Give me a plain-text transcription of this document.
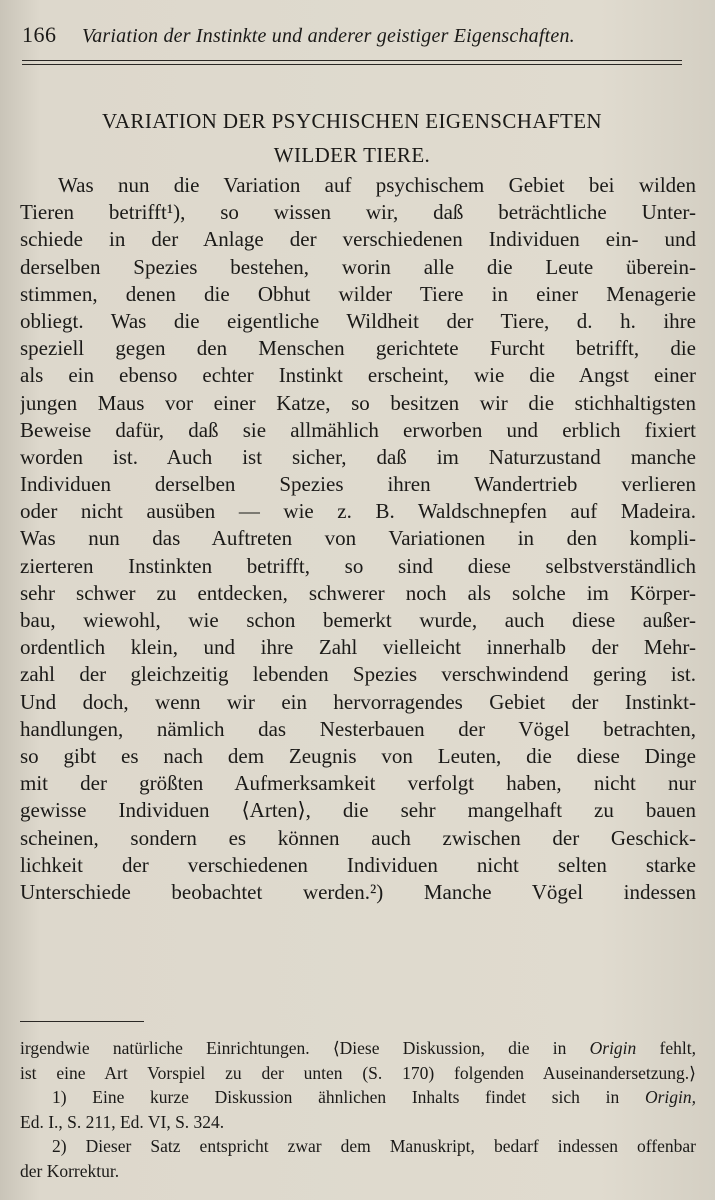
166	Variation der Instinkte und anderer geistiger Eigenschaften.
VARIATION DER PSYCHISCHEN EIGENSCHAFTEN
WILDER TIERE.
Was nun die Variation auf psychischem Gebiet bei wilden
Tieren betrifft¹), so wissen wir, daß beträchtliche Unter-
schiede in der Anlage der verschiedenen Individuen ein- und
derselben Spezies bestehen, worin alle die Leute überein-
stimmen, denen die Obhut wilder Tiere in einer Menagerie
obliegt. Was die eigentliche Wildheit der Tiere, d. h. ihre
speziell gegen den Menschen gerichtete Furcht betrifft, die
als ein ebenso echter Instinkt erscheint, wie die Angst einer
jungen Maus vor einer Katze, so besitzen wir die stichhaltigsten
Beweise dafür, daß sie allmählich erworben und erblich fixiert
worden ist. Auch ist sicher, daß im Naturzustand manche
Individuen derselben Spezies ihren Wandertrieb verlieren
oder nicht ausüben — wie z. B. Waldschnepfen auf Madeira.
Was nun das Auftreten von Variationen in den kompli-
zierteren Instinkten betrifft, so sind diese selbstverständlich
sehr schwer zu entdecken, schwerer noch als solche im Körper-
bau, wiewohl, wie schon bemerkt wurde, auch diese außer-
ordentlich klein, und ihre Zahl vielleicht innerhalb der Mehr-
zahl der gleichzeitig lebenden Spezies verschwindend gering ist.
Und doch, wenn wir ein hervorragendes Gebiet der Instinkt-
handlungen, nämlich das Nesterbauen der Vögel betrachten,
so gibt es nach dem Zeugnis von Leuten, die diese Dinge
mit der größten Aufmerksamkeit verfolgt haben, nicht nur
gewisse Individuen ⟨Arten⟩, die sehr mangelhaft zu bauen
scheinen, sondern es können auch zwischen der Geschick-
lichkeit der verschiedenen Individuen nicht selten starke
Unterschiede beobachtet werden.²) Manche Vögel indessen
irgendwie natürliche Einrichtungen. ⟨Diese Diskussion, die in Origin fehlt,
ist eine Art Vorspiel zu der unten (S. 170) folgenden Auseinandersetzung.⟩
1) Eine kurze Diskussion ähnlichen Inhalts findet sich in Origin,
Ed. I., S. 211, Ed. VI, S. 324.
2) Dieser Satz entspricht zwar dem Manuskript, bedarf indessen offenbar
der Korrektur.
